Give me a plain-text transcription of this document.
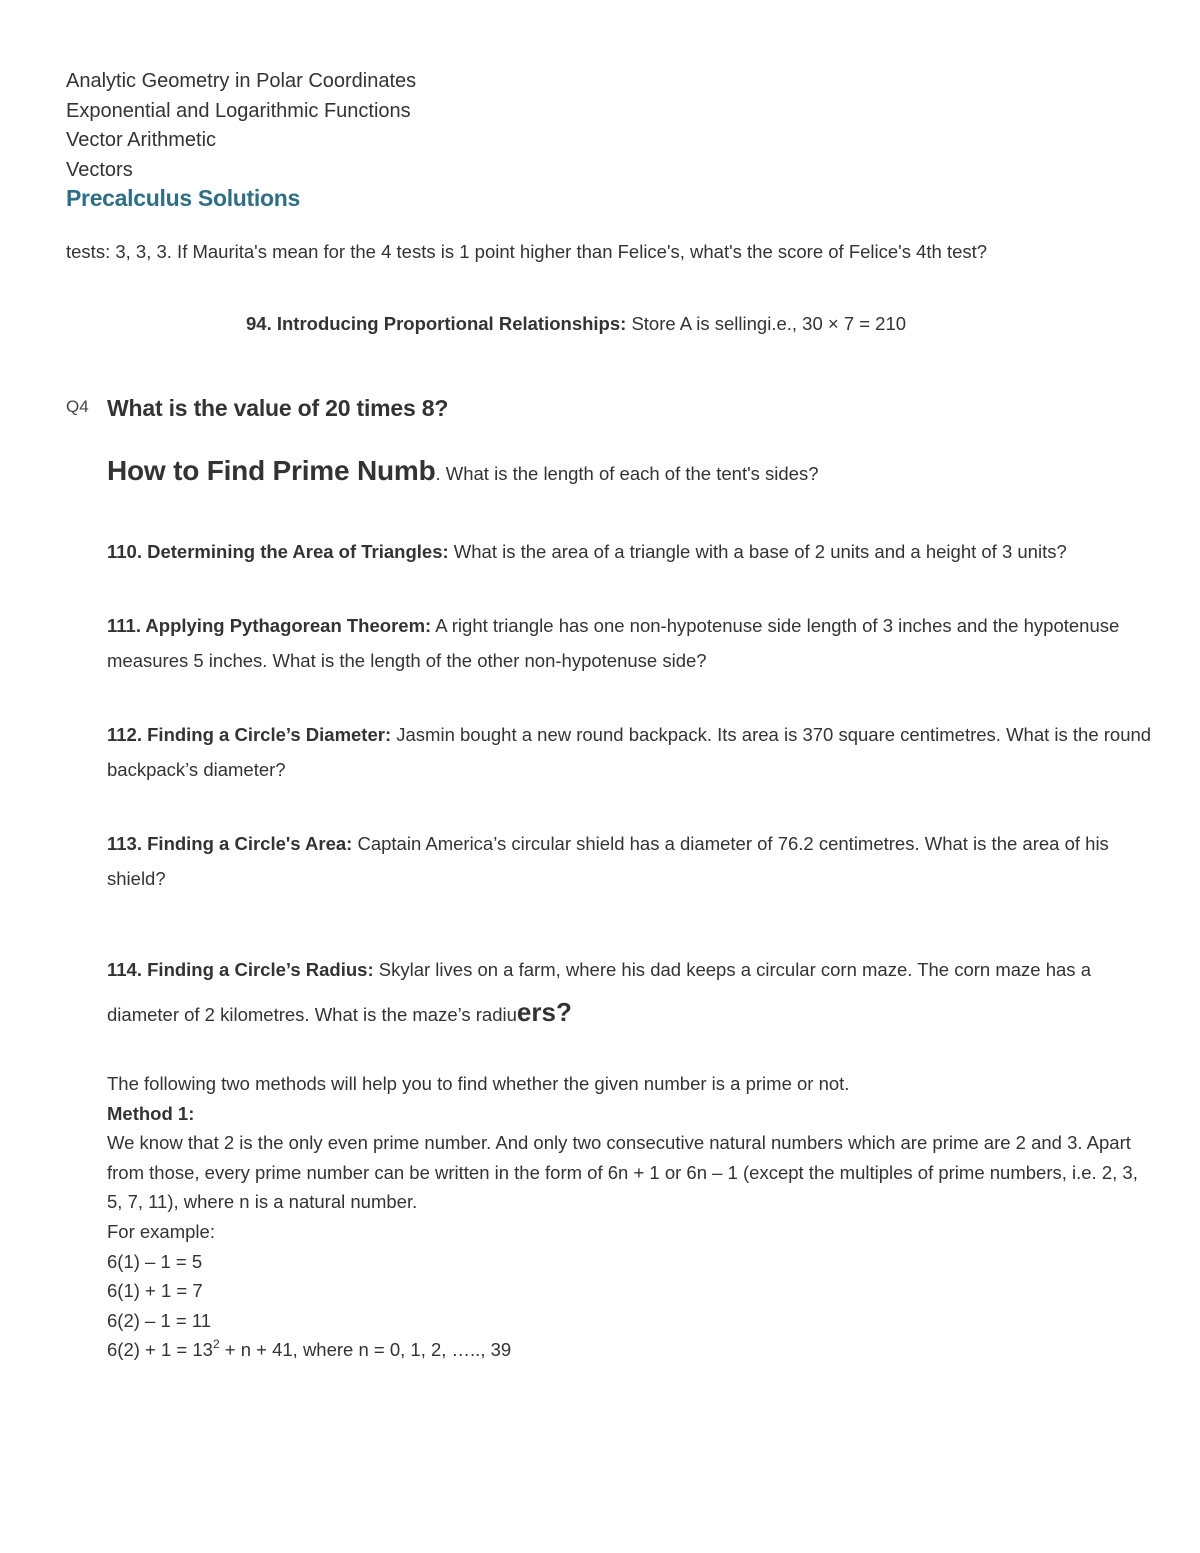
Analytic Geometry in Polar Coordinates
Exponential and Logarithmic Functions
Vector Arithmetic
Vectors
Precalculus Solutions
tests: 3, 3, 3. If Maurita's mean for the 4 tests is 1 point higher than Felice's, what's the score of Felice's 4th test?
94. Introducing Proportional Relationships: Store A is sellingi.e., 30 × 7 = 210
Q4 What is the value of 20 times 8?
How to Find Prime Numb. What is the length of each of the tent's sides?
110. Determining the Area of Triangles: What is the area of a triangle with a base of 2 units and a height of 3 units?
111. Applying Pythagorean Theorem: A right triangle has one non-hypotenuse side length of 3 inches and the hypotenuse measures 5 inches. What is the length of the other non-hypotenuse side?
112. Finding a Circle’s Diameter: Jasmin bought a new round backpack. Its area is 370 square centimetres. What is the round backpack’s diameter?
113. Finding a Circle's Area: Captain America’s circular shield has a diameter of 76.2 centimetres. What is the area of his shield?
114. Finding a Circle’s Radius: Skylar lives on a farm, where his dad keeps a circular corn maze. The corn maze has a diameter of 2 kilometres. What is the maze’s radiuers?
The following two methods will help you to find whether the given number is a prime or not.
Method 1:
We know that 2 is the only even prime number. And only two consecutive natural numbers which are prime are 2 and 3. Apart from those, every prime number can be written in the form of 6n + 1 or 6n – 1 (except the multiples of prime numbers, i.e. 2, 3, 5, 7, 11), where n is a natural number.
For example:
6(1) – 1 = 5
6(1) + 1 = 7
6(2) – 1 = 11
$6(2) + 1 = 13^2 + n + 41$, where n = 0, 1, 2, ….., 39
